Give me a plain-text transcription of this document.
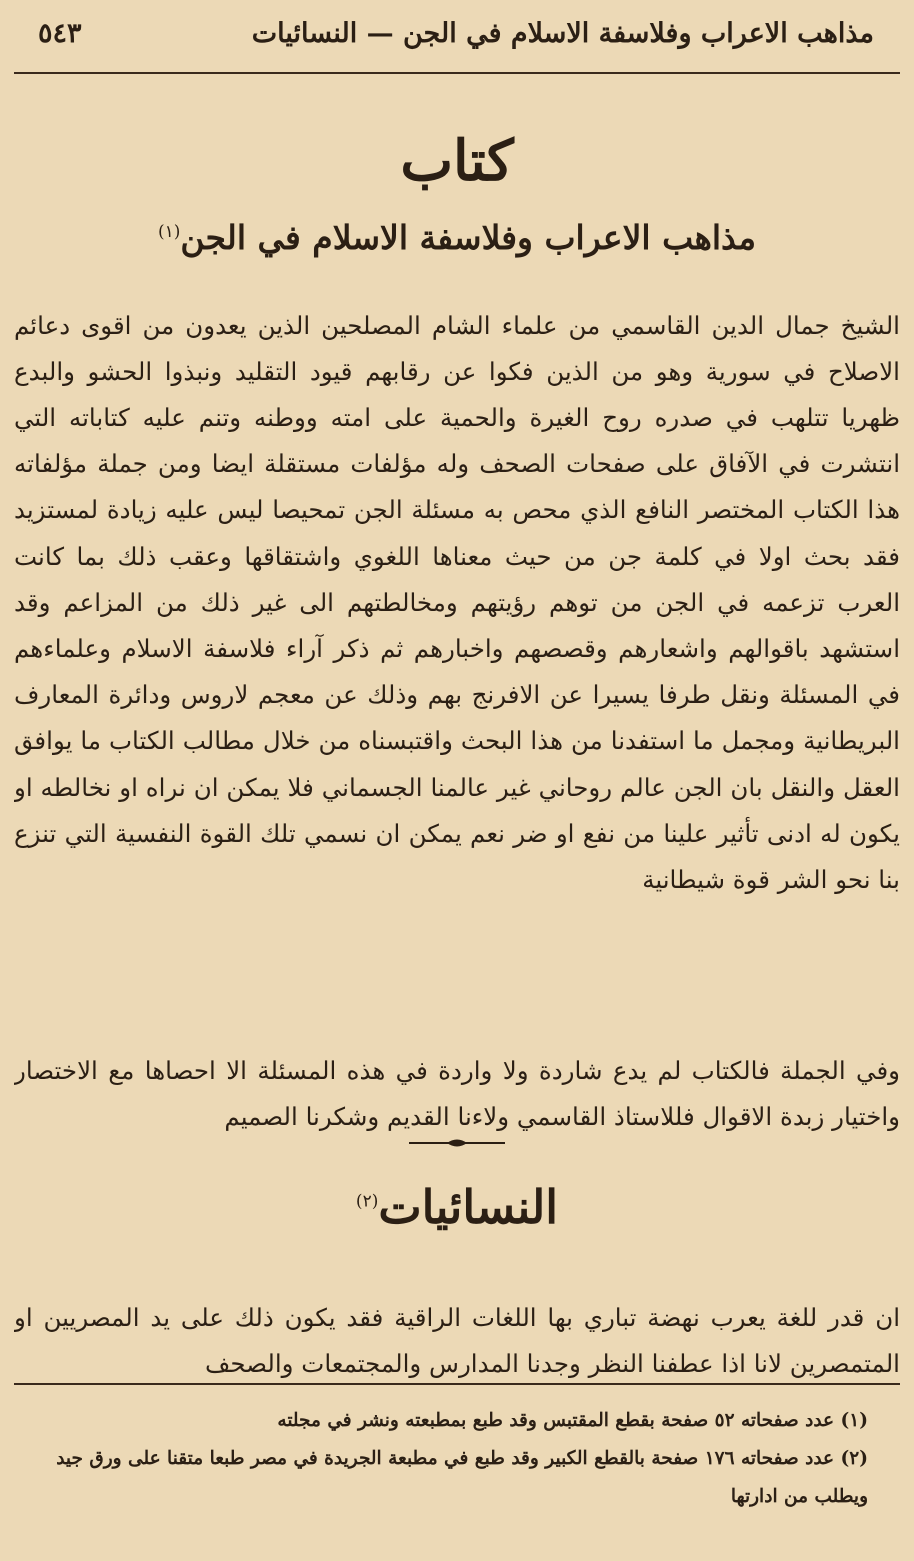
مذاهب الاعراب وفلاسفة الاسلام في الجن — النسائيات
٥٤٣
كتاب
مذاهب الاعراب وفلاسفة الاسلام في الجن$^{(١)}$

الشيخ جمال الدين القاسمي من علماء الشام المصلحين الذين يعدون من اقوى دعائم الاصلاح في سورية وهو من الذين فكوا عن رقابهم قيود التقليد ونبذوا الحشو والبدع ظهريا تتلهب في صدره روح الغيرة والحمية على امته ووطنه وتنم عليه كتاباته التي انتشرت في الآفاق على صفحات الصحف وله مؤلفات مستقلة ايضا ومن جملة مؤلفاته هذا الكتاب المختصر النافع الذي محص به مسئلة الجن تمحيصا ليس عليه زيادة لمستزيد فقد بحث اولا في كلمة جن من حيث معناها اللغوي واشتقاقها وعقب ذلك بما كانت العرب تزعمه في الجن من توهم رؤيتهم ومخالطتهم الى غير ذلك من المزاعم وقد استشهد باقوالهم واشعارهم وقصصهم واخبارهم ثم ذكر آراء فلاسفة الاسلام وعلماءهم في المسئلة ونقل طرفا يسيرا عن الافرنج بهم وذلك عن معجم لاروس ودائرة المعارف البريطانية ومجمل ما استفدنا من هذا البحث واقتبسناه من خلال مطالب الكتاب ما يوافق العقل والنقل بان الجن عالم روحاني غير عالمنا الجسماني فلا يمكن ان نراه او نخالطه او يكون له ادنى تأثير علينا من نفع او ضر نعم يمكن ان نسمي تلك القوة النفسية التي تنزع بنا نحو الشر قوة شيطانية

وفي الجملة فالكتاب لم يدع شاردة ولا واردة في هذه المسئلة الا احصاها مع الاختصار واختيار زبدة الاقوال فللاستاذ القاسمي ولاءنا القديم وشكرنا الصميم

النسائيات$^{(٢)}$

ان قدر للغة يعرب نهضة تباري بها اللغات الراقية فقد يكون ذلك على يد المصريين او المتمصرين لانا اذا عطفنا النظر وجدنا المدارس والمجتمعات والصحف

(١) عدد صفحاته ٥٢ صفحة بقطع المقتبس وقد طبع بمطبعته ونشر في مجلته
(٢) عدد صفحاته ١٧٦ صفحة بالقطع الكبير وقد طبع في مطبعة الجريدة في مصر طبعا متقنا على ورق جيد ويطلب من ادارتها
